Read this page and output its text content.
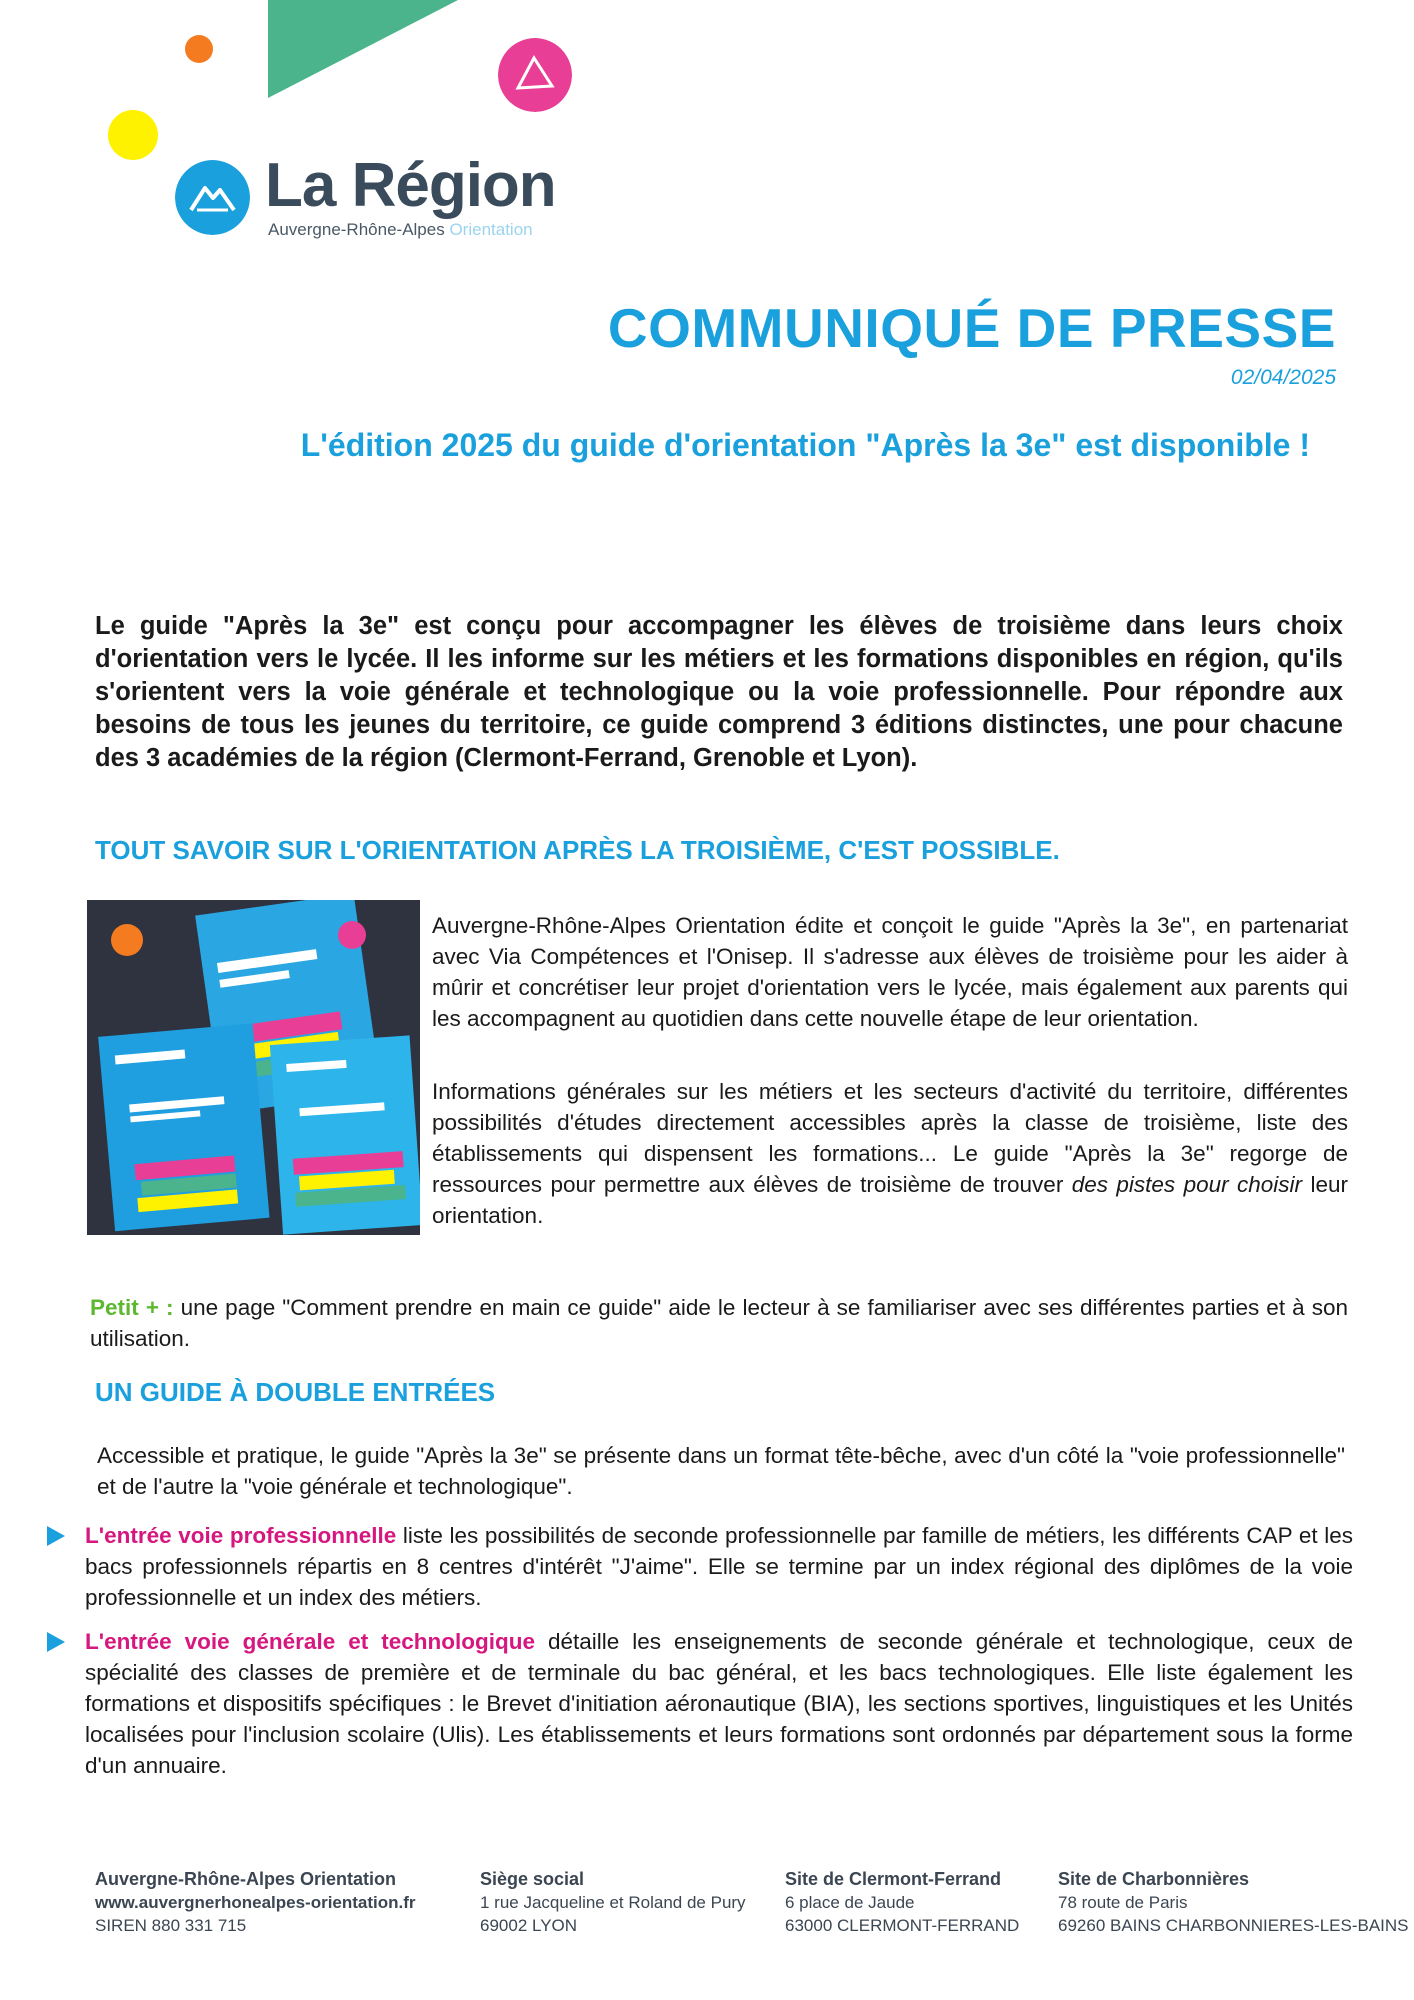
La Région
Auvergne-Rhône-Alpes Orientation
COMMUNIQUÉ DE PRESSE
02/04/2025
L'édition 2025 du guide d'orientation "Après la 3e" est disponible !
Le guide "Après la 3e" est conçu pour accompagner les élèves de troisième dans leurs choix d'orientation vers le lycée. Il les informe sur les métiers et les formations disponibles en région, qu'ils s'orientent vers la voie générale et technologique ou la voie professionnelle. Pour répondre aux besoins de tous les jeunes du territoire, ce guide comprend 3 éditions distinctes, une pour chacune des 3 académies de la région (Clermont-Ferrand, Grenoble et Lyon).
TOUT SAVOIR SUR L'ORIENTATION APRÈS LA TROISIÈME, C'EST POSSIBLE.
Auvergne-Rhône-Alpes Orientation édite et conçoit le guide "Après la 3e", en partenariat avec Via Compétences et l'Onisep. Il s'adresse aux élèves de troisième pour les aider à mûrir et concrétiser leur projet d'orientation vers le lycée, mais également aux parents qui les accompagnent au quotidien dans cette nouvelle étape de leur orientation.
Informations générales sur les métiers et les secteurs d'activité du territoire, différentes possibilités d'études directement accessibles après la classe de troisième, liste des établissements qui dispensent les formations... Le guide "Après la 3e" regorge de ressources pour permettre aux élèves de troisième de trouver des pistes pour choisir leur orientation.
Petit + : une page "Comment prendre en main ce guide" aide le lecteur à se familiariser avec ses différentes parties et à son utilisation.
UN GUIDE À DOUBLE ENTRÉES
Accessible et pratique, le guide "Après la 3e" se présente dans un format tête-bêche, avec d'un côté la "voie professionnelle" et de l'autre la "voie générale et technologique".
L'entrée voie professionnelle liste les possibilités de seconde professionnelle par famille de métiers, les différents CAP et les bacs professionnels répartis en 8 centres d'intérêt "J'aime". Elle se termine par un index régional des diplômes de la voie professionnelle et un index des métiers.
L'entrée voie générale et technologique détaille les enseignements de seconde générale et technologique, ceux de spécialité des classes de première et de terminale du bac général, et les bacs technologiques. Elle liste également les formations et dispositifs spécifiques : le Brevet d'initiation aéronautique (BIA), les sections sportives, linguistiques et les Unités localisées pour l'inclusion scolaire (Ulis). Les établissements et leurs formations sont ordonnés par département sous la forme d'un annuaire.
Auvergne-Rhône-Alpes Orientation
www.auvergnerhonealpes-orientation.fr
SIREN 880 331 715
Siège social
1 rue Jacqueline et Roland de Pury
69002 LYON
Site de Clermont-Ferrand
6 place de Jaude
63000 CLERMONT-FERRAND
Site de Charbonnières
78 route de Paris
69260 BAINS CHARBONNIERES-LES-BAINS
